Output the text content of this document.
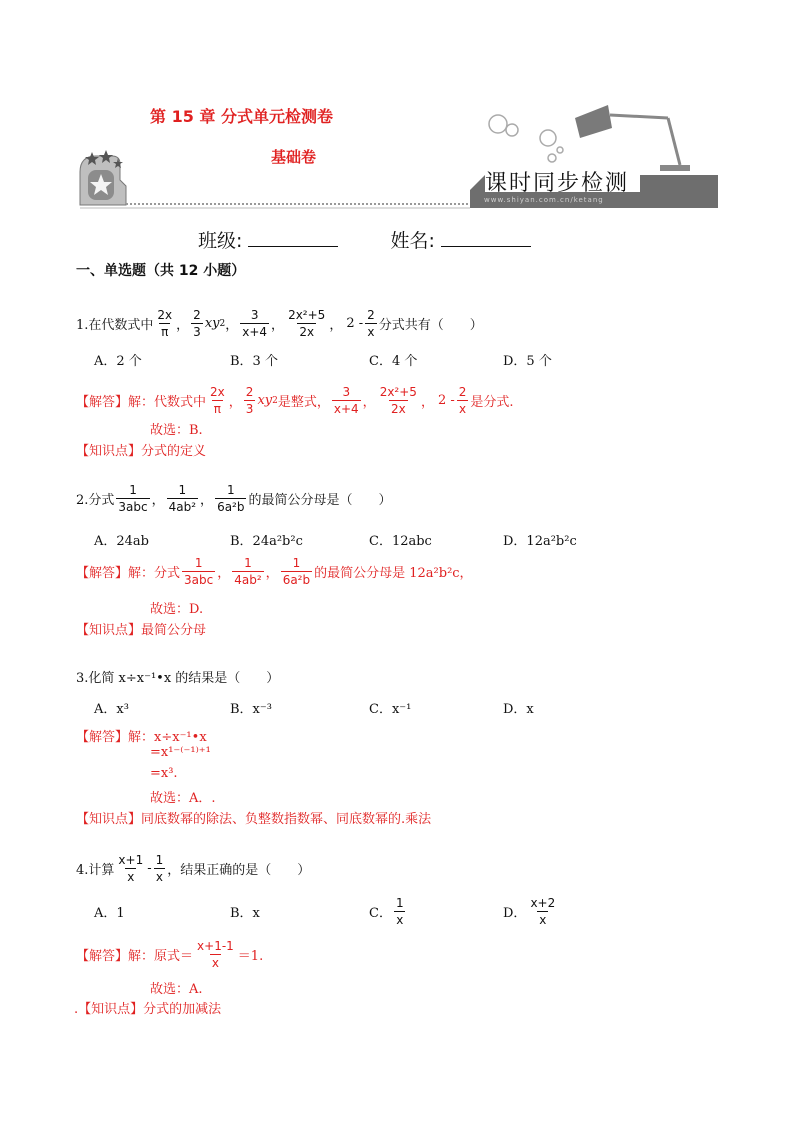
第 15 章 分式单元检测卷
基础卷
课时同步检测
www.shiyan.com.cn/ketang
班级:	姓名:
一、单选题（共 12 小题）
1.在代数式中 $\frac{2x}{\pi}$ ， $\frac{2}{3}$ xy 2 ， $\frac{3}{x+4}$ ， $\frac{\text{2x²+5}}{2x}$ ， $2 - \frac{2}{x}$ 分式共有（　　）
A．2 个	B．3 个	C．4 个	D．5 个
【解答】 解：代数式中 $\frac{2x}{\pi}$ ， $\frac{2}{3}$ xy 2 是整式， $\frac{3}{x+4}$ ， $\frac{\text{2x²+5}}{2x}$ ， $2 - \frac{2}{x}$ 是分式.
故选：B.
【知识点】分式的定义
2.分式 $\frac{1}{\text{3abc}}$ ， $\frac{1}{\text{4ab²}}$ ， $\frac{1}{\text{6a²b}}$ 的最简公分母是（　　）
A．24ab	B．24a²b²c	C．12abc	D．12a²b²c
【解答】 解：分式 $\frac{1}{\text{3abc}}$ ， $\frac{1}{\text{4ab²}}$ ， $\frac{1}{\text{6a²b}}$ 的最简公分母是 12a²b²c，
故选：D.
【知识点】最简公分母
3.化简 x÷x⁻¹•x 的结果是（　　）
A．x³	B．x⁻³	C．x⁻¹	D．x
【解答】解：x÷x⁻¹•x
=x¹⁻⁽⁻¹⁾⁺¹
=x³.
故选：A．.
【知识点】同底数幂的除法、负整数指数幂、同底数幂的.乘法
4.计算 $\frac{x+1}{x} - \frac{1}{x}$ ，结果正确的是（　　）
A．1	B．x	C． $\frac{1}{x}$	D． $\frac{x+2}{x}$
【解答】 解：原式＝ $\frac{x+1-1}{x} =1$.
故选：A.
.【知识点】分式的加减法
